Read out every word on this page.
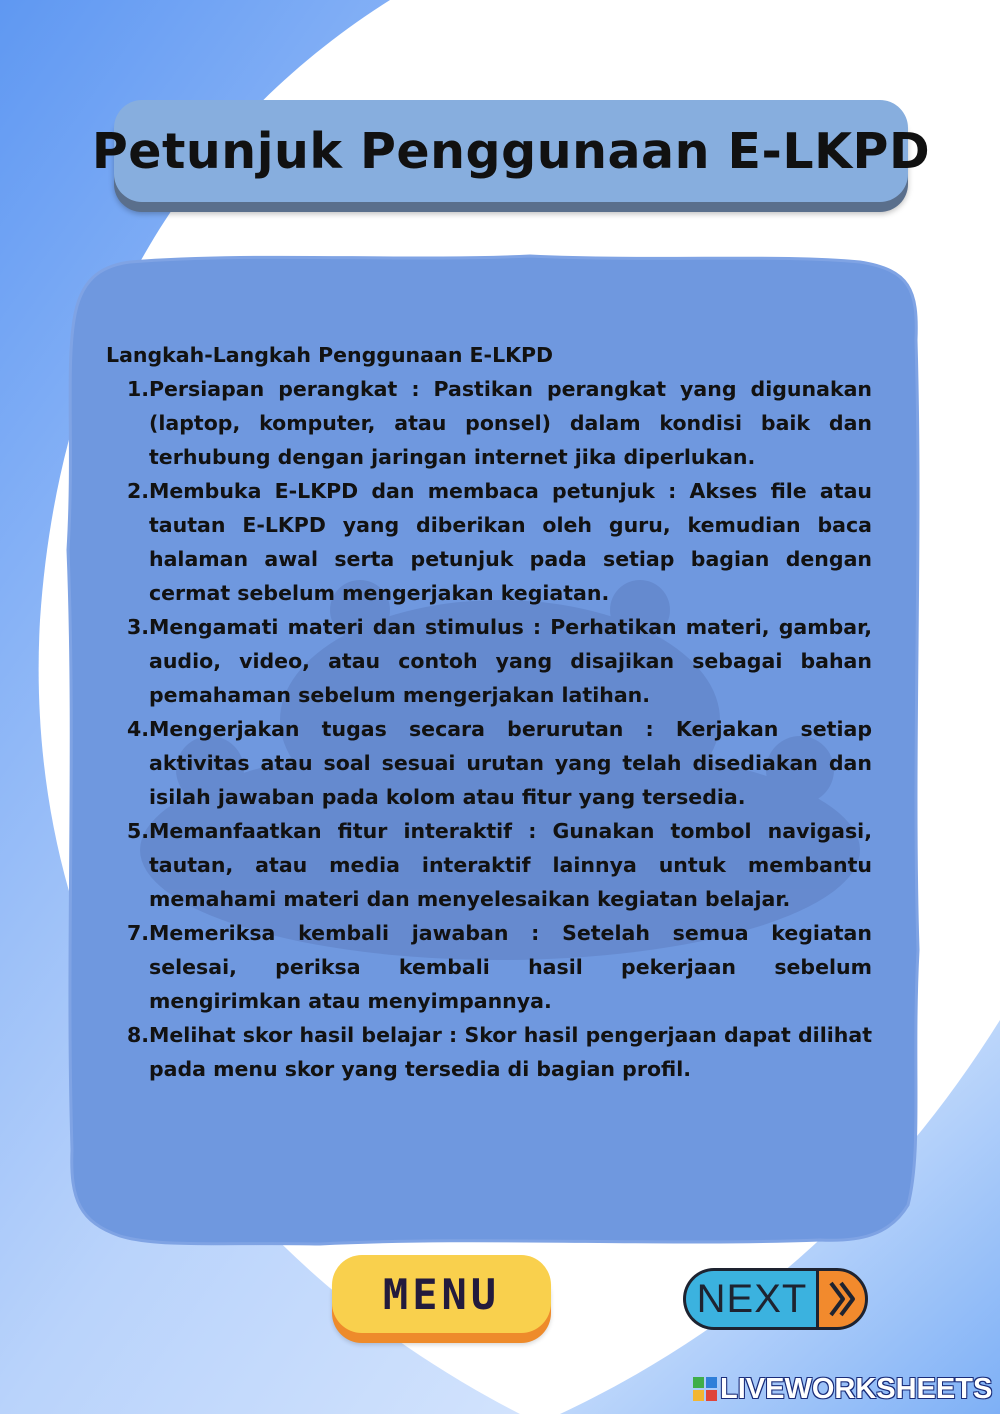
Petunjuk Penggunaan E-LKPD

Langkah-Langkah Penggunaan E-LKPD

1. Persiapan perangkat : Pastikan perangkat yang digunakan (laptop, komputer, atau ponsel) dalam kondisi baik dan terhubung dengan jaringan internet jika diperlukan.
2. Membuka E-LKPD dan membaca petunjuk : Akses file atau tautan E-LKPD yang diberikan oleh guru, kemudian baca halaman awal serta petunjuk pada setiap bagian dengan cermat sebelum mengerjakan kegiatan.
3. Mengamati materi dan stimulus : Perhatikan materi, gambar, audio, video, atau contoh yang disajikan sebagai bahan pemahaman sebelum mengerjakan latihan.
4. Mengerjakan tugas secara berurutan : Kerjakan setiap aktivitas atau soal sesuai urutan yang telah disediakan dan isilah jawaban pada kolom atau fitur yang tersedia.
5. Memanfaatkan fitur interaktif : Gunakan tombol navigasi, tautan, atau media interaktif lainnya untuk membantu memahami materi dan menyelesaikan kegiatan belajar.
7. Memeriksa kembali jawaban : Setelah semua kegiatan selesai, periksa kembali hasil pekerjaan sebelum mengirimkan atau menyimpannya.
8. Melihat skor hasil belajar : Skor hasil pengerjaan dapat dilihat pada menu skor yang tersedia di bagian profil.
MENU	NEXT
LIVEWORKSHEETS
